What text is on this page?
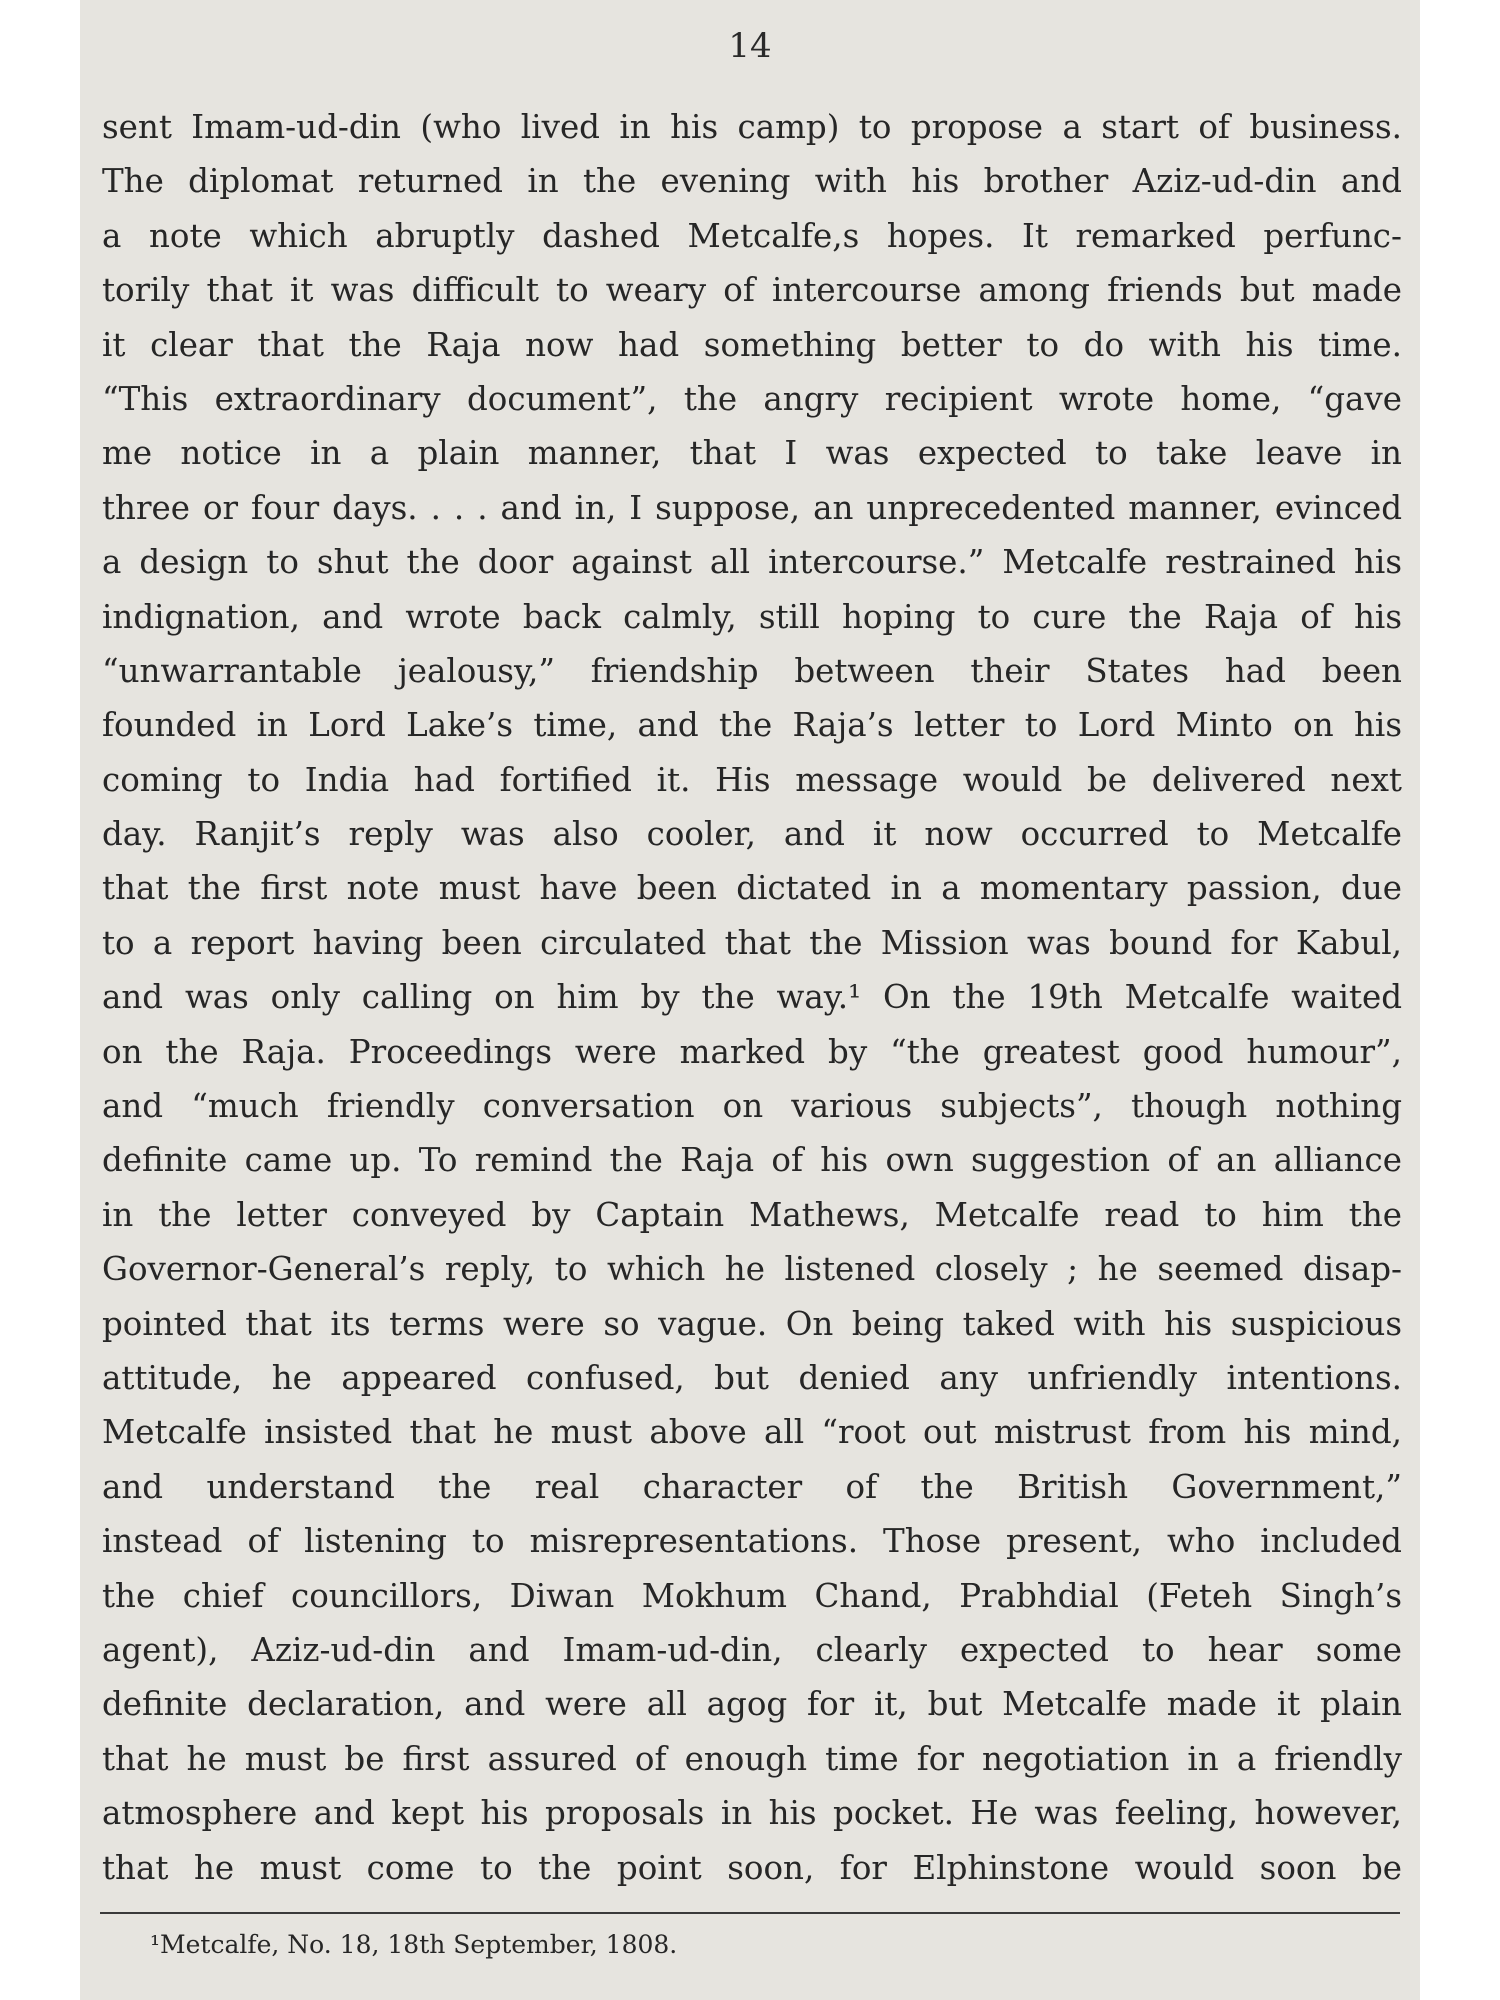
14
sent Imam-ud-din (who lived in his camp) to propose a start of business.
The diplomat returned in the evening with his brother Aziz-ud-din and
a note which abruptly dashed Metcalfe,s hopes. It remarked perfunc-
torily that it was difficult to weary of intercourse among friends but made
it clear that the Raja now had something better to do with his time.
“This extraordinary document”, the angry recipient wrote home, “gave
me notice in a plain manner, that I was expected to take leave in
three or four days. . . . and in, I suppose, an unprecedented manner, evinced
a design to shut the door against all intercourse.” Metcalfe restrained his
indignation, and wrote back calmly, still hoping to cure the Raja of his
“unwarrantable jealousy,” friendship between their States had been
founded in Lord Lake’s time, and the Raja’s letter to Lord Minto on his
coming to India had fortified it. His message would be delivered next
day. Ranjit’s reply was also cooler, and it now occurred to Metcalfe
that the first note must have been dictated in a momentary passion, due
to a report having been circulated that the Mission was bound for Kabul,
and was only calling on him by the way.¹ On the 19th Metcalfe waited
on the Raja. Proceedings were marked by “the greatest good humour”,
and “much friendly conversation on various subjects”, though nothing
definite came up. To remind the Raja of his own suggestion of an alliance
in the letter conveyed by Captain Mathews, Metcalfe read to him the
Governor-General’s reply, to which he listened closely ; he seemed disap-
pointed that its terms were so vague. On being taked with his suspicious
attitude, he appeared confused, but denied any unfriendly intentions.
Metcalfe insisted that he must above all “root out mistrust from his mind,
and understand the real character of the British Government,”
instead of listening to misrepresentations. Those present, who included
the chief councillors, Diwan Mokhum Chand, Prabhdial (Feteh Singh’s
agent), Aziz-ud-din and Imam-ud-din, clearly expected to hear some
definite declaration, and were all agog for it, but Metcalfe made it plain
that he must be first assured of enough time for negotiation in a friendly
atmosphere and kept his proposals in his pocket. He was feeling, however,
that he must come to the point soon, for Elphinstone would soon be
¹Metcalfe, No. 18, 18th September, 1808.
